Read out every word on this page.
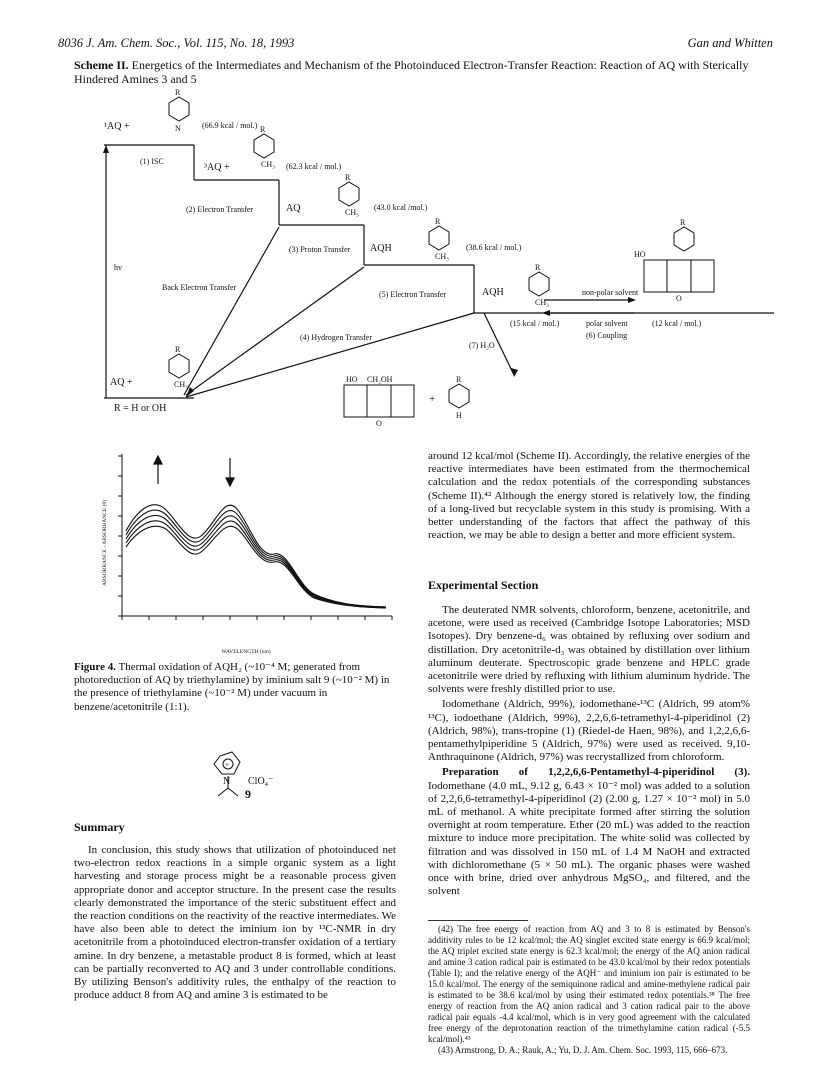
8036 J. Am. Chem. Soc., Vol. 115, No. 18, 1993	Gan and Whitten
Scheme II. Energetics of the Intermediates and Mechanism of the Photoinduced Electron-Transfer Reaction: Reaction of AQ with Sterically Hindered Amines 3 and 5
R
N	R
CH₃
R
CH₃
R
CH₃
R
CH₃
R
CH₃
R
HO
O
HO CH₂OH
O
R
H
+
¹AQ +	(66.9 kcal / mol.)
(1) ISC
³AQ +	(62.3 kcal / mol.)
(2) Electron Transfer	AQ	(43.0 kcal /mol.)
(3) Proton Transfer AQH	(38.6 kcal / mol.)
(5) Electron Transfer	AQH
(15 kcal / mol.)
non-polar solvent
polar solvent
(6) Coupling
(12 kcal / mol.)
(7) H₂O
(4) Hydrogen Transfer
Back Electron Transfer
hv
AQ +
R = H or OH
ABSORBANCE - ABSORBANCE (0)
WAVELENGTH (nm)
Figure 4. Thermal oxidation of AQH₂ (~10⁻⁴ M; generated from photoreduction of AQ by triethylamine) by iminium salt 9 (~10⁻² M) in the presence of triethylamine (~10⁻² M) under vacuum in benzene/acetonitrile (1:1).
+
N ClO₄⁻
9
Summary

In conclusion, this study shows that utilization of photoinduced net two-electron redox reactions in a simple organic system as a light harvesting and storage process might be a reasonable process given appropriate donor and acceptor structure. In the present case the results clearly demonstrated the importance of the steric substituent effect and the reaction conditions on the reactivity of the reactive intermediates. We have also been able to detect the iminium ion by ¹³C-NMR in dry acetonitrile from a photoinduced electron-transfer oxidation of a tertiary amine. In dry benzene, a metastable product 8 is formed, which at least can be partially reconverted to AQ and 3 under controllable conditions. By utilizing Benson's additivity rules, the enthalpy of the reaction to produce adduct 8 from AQ and amine 3 is estimated to be

around 12 kcal/mol (Scheme II). Accordingly, the relative energies of the reactive intermediates have been estimated from the thermochemical calculation and the redox potentials of the corresponding substances (Scheme II).⁴² Although the energy stored is relatively low, the finding of a long-lived but recyclable system in this study is promising. With a better understanding of the factors that affect the pathway of this reaction, we may be able to design a better and more efficient system.

Experimental Section

The deuterated NMR solvents, chloroform, benzene, acetonitrile, and acetone, were used as received (Cambridge Isotope Laboratories; MSD Isotopes). Dry benzene-d₆ was obtained by refluxing over sodium and distillation. Dry acetonitrile-d₃ was obtained by distillation over lithium aluminum deuterate. Spectroscopic grade benzene and HPLC grade acetonitrile were dried by refluxing with lithium aluminum hydride. The solvents were freshly distilled prior to use.

Iodomethane (Aldrich, 99%), iodomethane-¹³C (Aldrich, 99 atom% ¹³C), iodoethane (Aldrich, 99%), 2,2,6,6-tetramethyl-4-piperidinol (2) (Aldrich, 98%), trans-tropine (1) (Riedel-de Haen, 98%), and 1,2,2,6,6-pentamethylpiperidine 5 (Aldrich, 97%) were used as received. 9,10-Anthraquinone (Aldrich, 97%) was recrystallized from chloroform.

Preparation of 1,2,2,6,6-Pentamethyl-4-piperidinol (3). Iodomethane (4.0 mL, 9.12 g, 6.43 × 10⁻² mol) was added to a solution of 2,2,6,6-tetramethyl-4-piperidinol (2) (2.00 g, 1.27 × 10⁻² mol) in 5.0 mL of methanol. A white precipitate formed after stirring the solution overnight at room temperature. Ether (20 mL) was added to the reaction mixture to induce more precipitation. The white solid was collected by filtration and was dissolved in 150 mL of 1.4 M NaOH and extracted with dichloromethane (5 × 50 mL). The organic phases were washed once with brine, dried over anhydrous MgSO₄, and filtered, and the solvent

(42) The free energy of reaction from AQ and 3 to 8 is estimated by Benson's additivity rules to be 12 kcal/mol; the AQ singlet excited state energy is 66.9 kcal/mol; the AQ triplet excited state energy is 62.3 kcal/mol; the energy of the AQ anion radical and amine 3 cation radical pair is estimated to be 43.0 kcal/mol by their redox potentials (Table I); and the relative energy of the AQH⁻ and iminium ion pair is estimated to be 15.0 kcal/mol. The energy of the semiquinone radical and amine-methylene radical pair is estimated to be 38.6 kcal/mol by using their estimated redox potentials.³⁸ The free energy of reaction from the AQ anion radical and 3 cation radical pair to the above radical pair equals -4.4 kcal/mol, which is in very good agreement with the calculated free energy of the deprotonation reaction of the trimethylamine cation radical (-5.5 kcal/mol).⁴³

(43) Armstrong, D. A.; Rauk, A.; Yu, D. J. Am. Chem. Soc. 1993, 115, 666–673.
